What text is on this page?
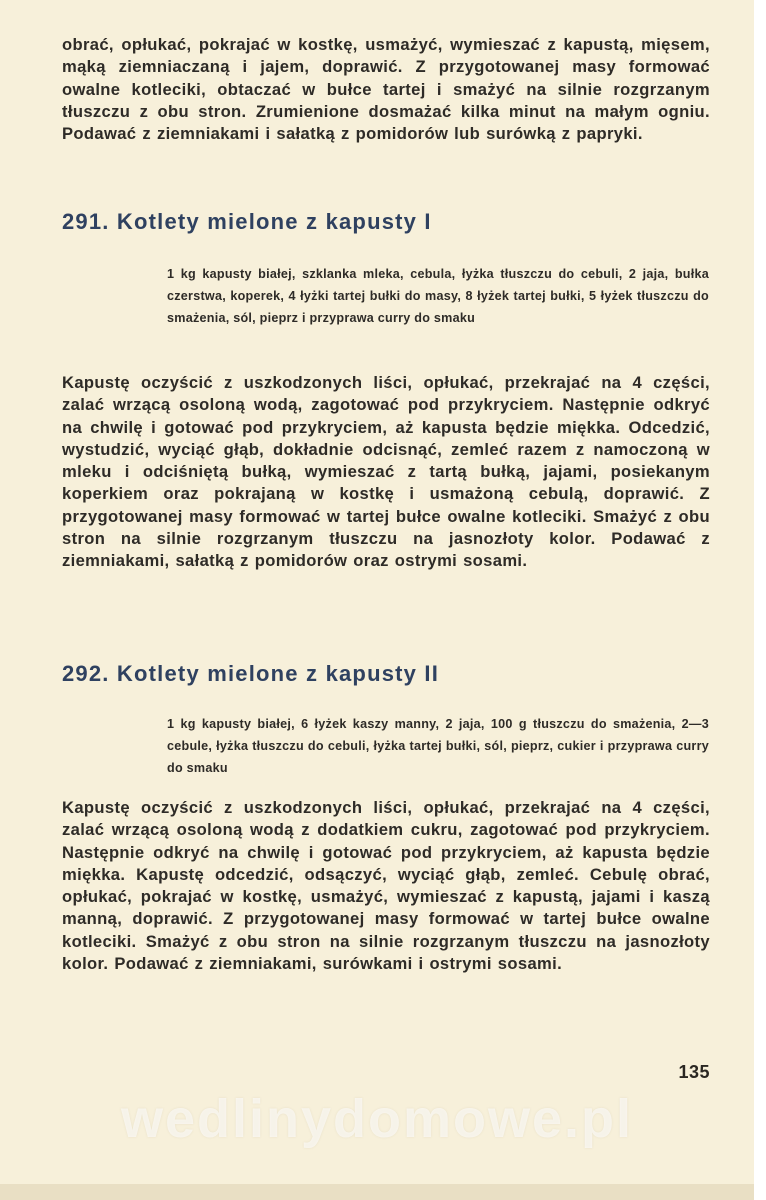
obrać, opłukać, pokrajać w kostkę, usmażyć, wymieszać z kapustą, mięsem, mąką ziemniaczaną i jajem, doprawić. Z przygotowanej masy formować owalne kotleciki, obtaczać w bułce tartej i smażyć na silnie rozgrzanym tłuszczu z obu stron. Zrumienione dosmażać kilka minut na małym ogniu. Podawać z ziemniakami i sałatką z pomidorów lub surówką z papryki.

291. Kotlety mielone z kapusty I

1 kg kapusty białej, szklanka mleka, cebula, łyżka tłuszczu do cebuli, 2 jaja, bułka czerstwa, koperek, 4 łyżki tartej bułki do masy, 8 łyżek tartej bułki, 5 łyżek tłuszczu do smażenia, sól, pieprz i przyprawa curry do smaku

Kapustę oczyścić z uszkodzonych liści, opłukać, przekrajać na 4 części, zalać wrzącą osoloną wodą, zagotować pod przykryciem. Następnie odkryć na chwilę i gotować pod przykryciem, aż kapusta będzie miękka. Odcedzić, wystudzić, wyciąć głąb, dokładnie odcisnąć, zemleć razem z namoczoną w mleku i odciśniętą bułką, wymieszać z tartą bułką, jajami, posiekanym koperkiem oraz pokrajaną w kostkę i usmażoną cebulą, doprawić. Z przygotowanej masy formować w tartej bułce owalne kotleciki. Smażyć z obu stron na silnie rozgrzanym tłuszczu na jasnozłoty kolor. Podawać z ziemniakami, sałatką z pomidorów oraz ostrymi sosami.

292. Kotlety mielone z kapusty II

1 kg kapusty białej, 6 łyżek kaszy manny, 2 jaja, 100 g tłuszczu do smażenia, 2—3 cebule, łyżka tłuszczu do cebuli, łyżka tartej bułki, sól, pieprz, cukier i przyprawa curry do smaku

Kapustę oczyścić z uszkodzonych liści, opłukać, przekrajać na 4 części, zalać wrzącą osoloną wodą z dodatkiem cukru, zagotować pod przykryciem. Następnie odkryć na chwilę i gotować pod przykryciem, aż kapusta będzie miękka. Kapustę odcedzić, odsączyć, wyciąć głąb, zemleć. Cebulę obrać, opłukać, pokrajać w kostkę, usmażyć, wymieszać z kapustą, jajami i kaszą manną, doprawić. Z przygotowanej masy formować w tartej bułce owalne kotleciki. Smażyć z obu stron na silnie rozgrzanym tłuszczu na jasnozłoty kolor. Podawać z ziemniakami, surówkami i ostrymi sosami.

135
wedlinydomowe.pl
